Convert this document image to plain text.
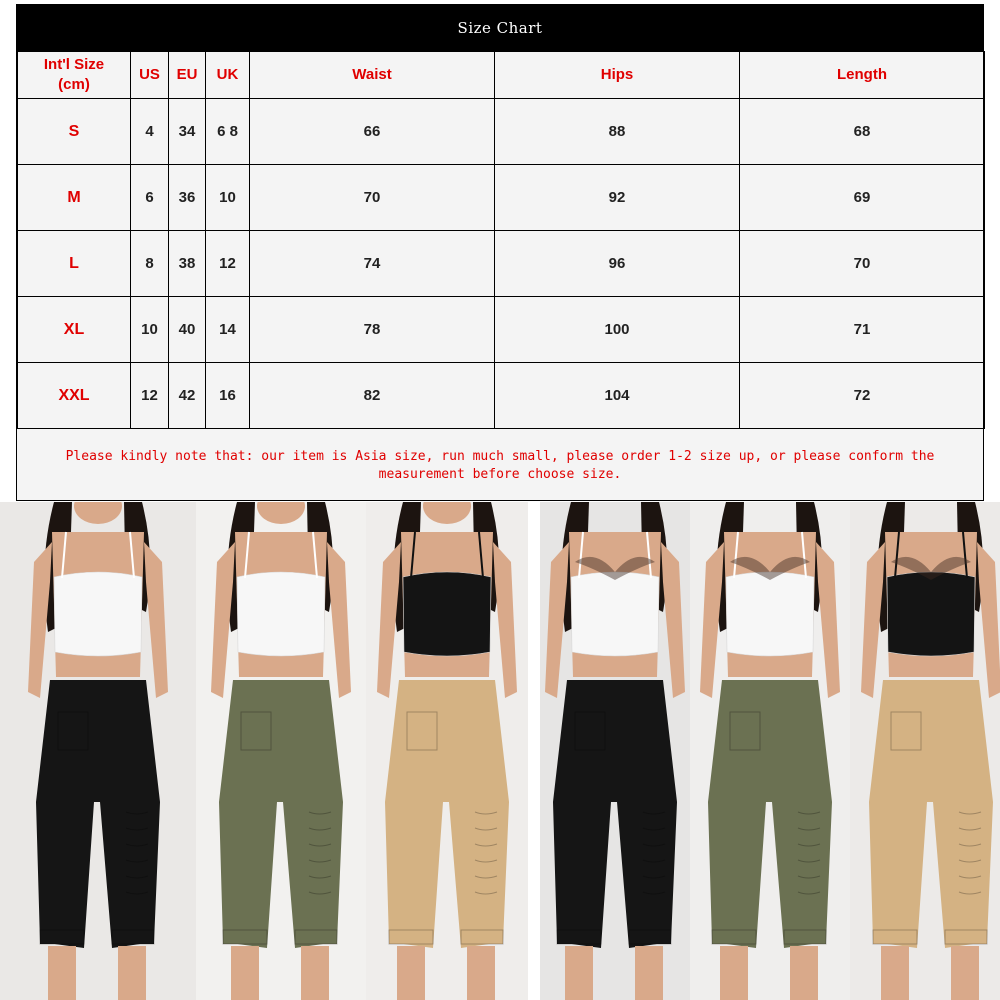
Size Chart
Int'l Size (cm)	US	EU	UK	Waist	Hips	Length
S	4	34	6 8	66	88	68
M	6	36	10	70	92	69
L	8	38	12	74	96	70
XL	10	40	14	78	100	71
XXL	12	42	16	82	104	72
Please kindly note that: our item is Asia size, run much small, please order 1-2 size up, or please conform the measurement before choose size.
